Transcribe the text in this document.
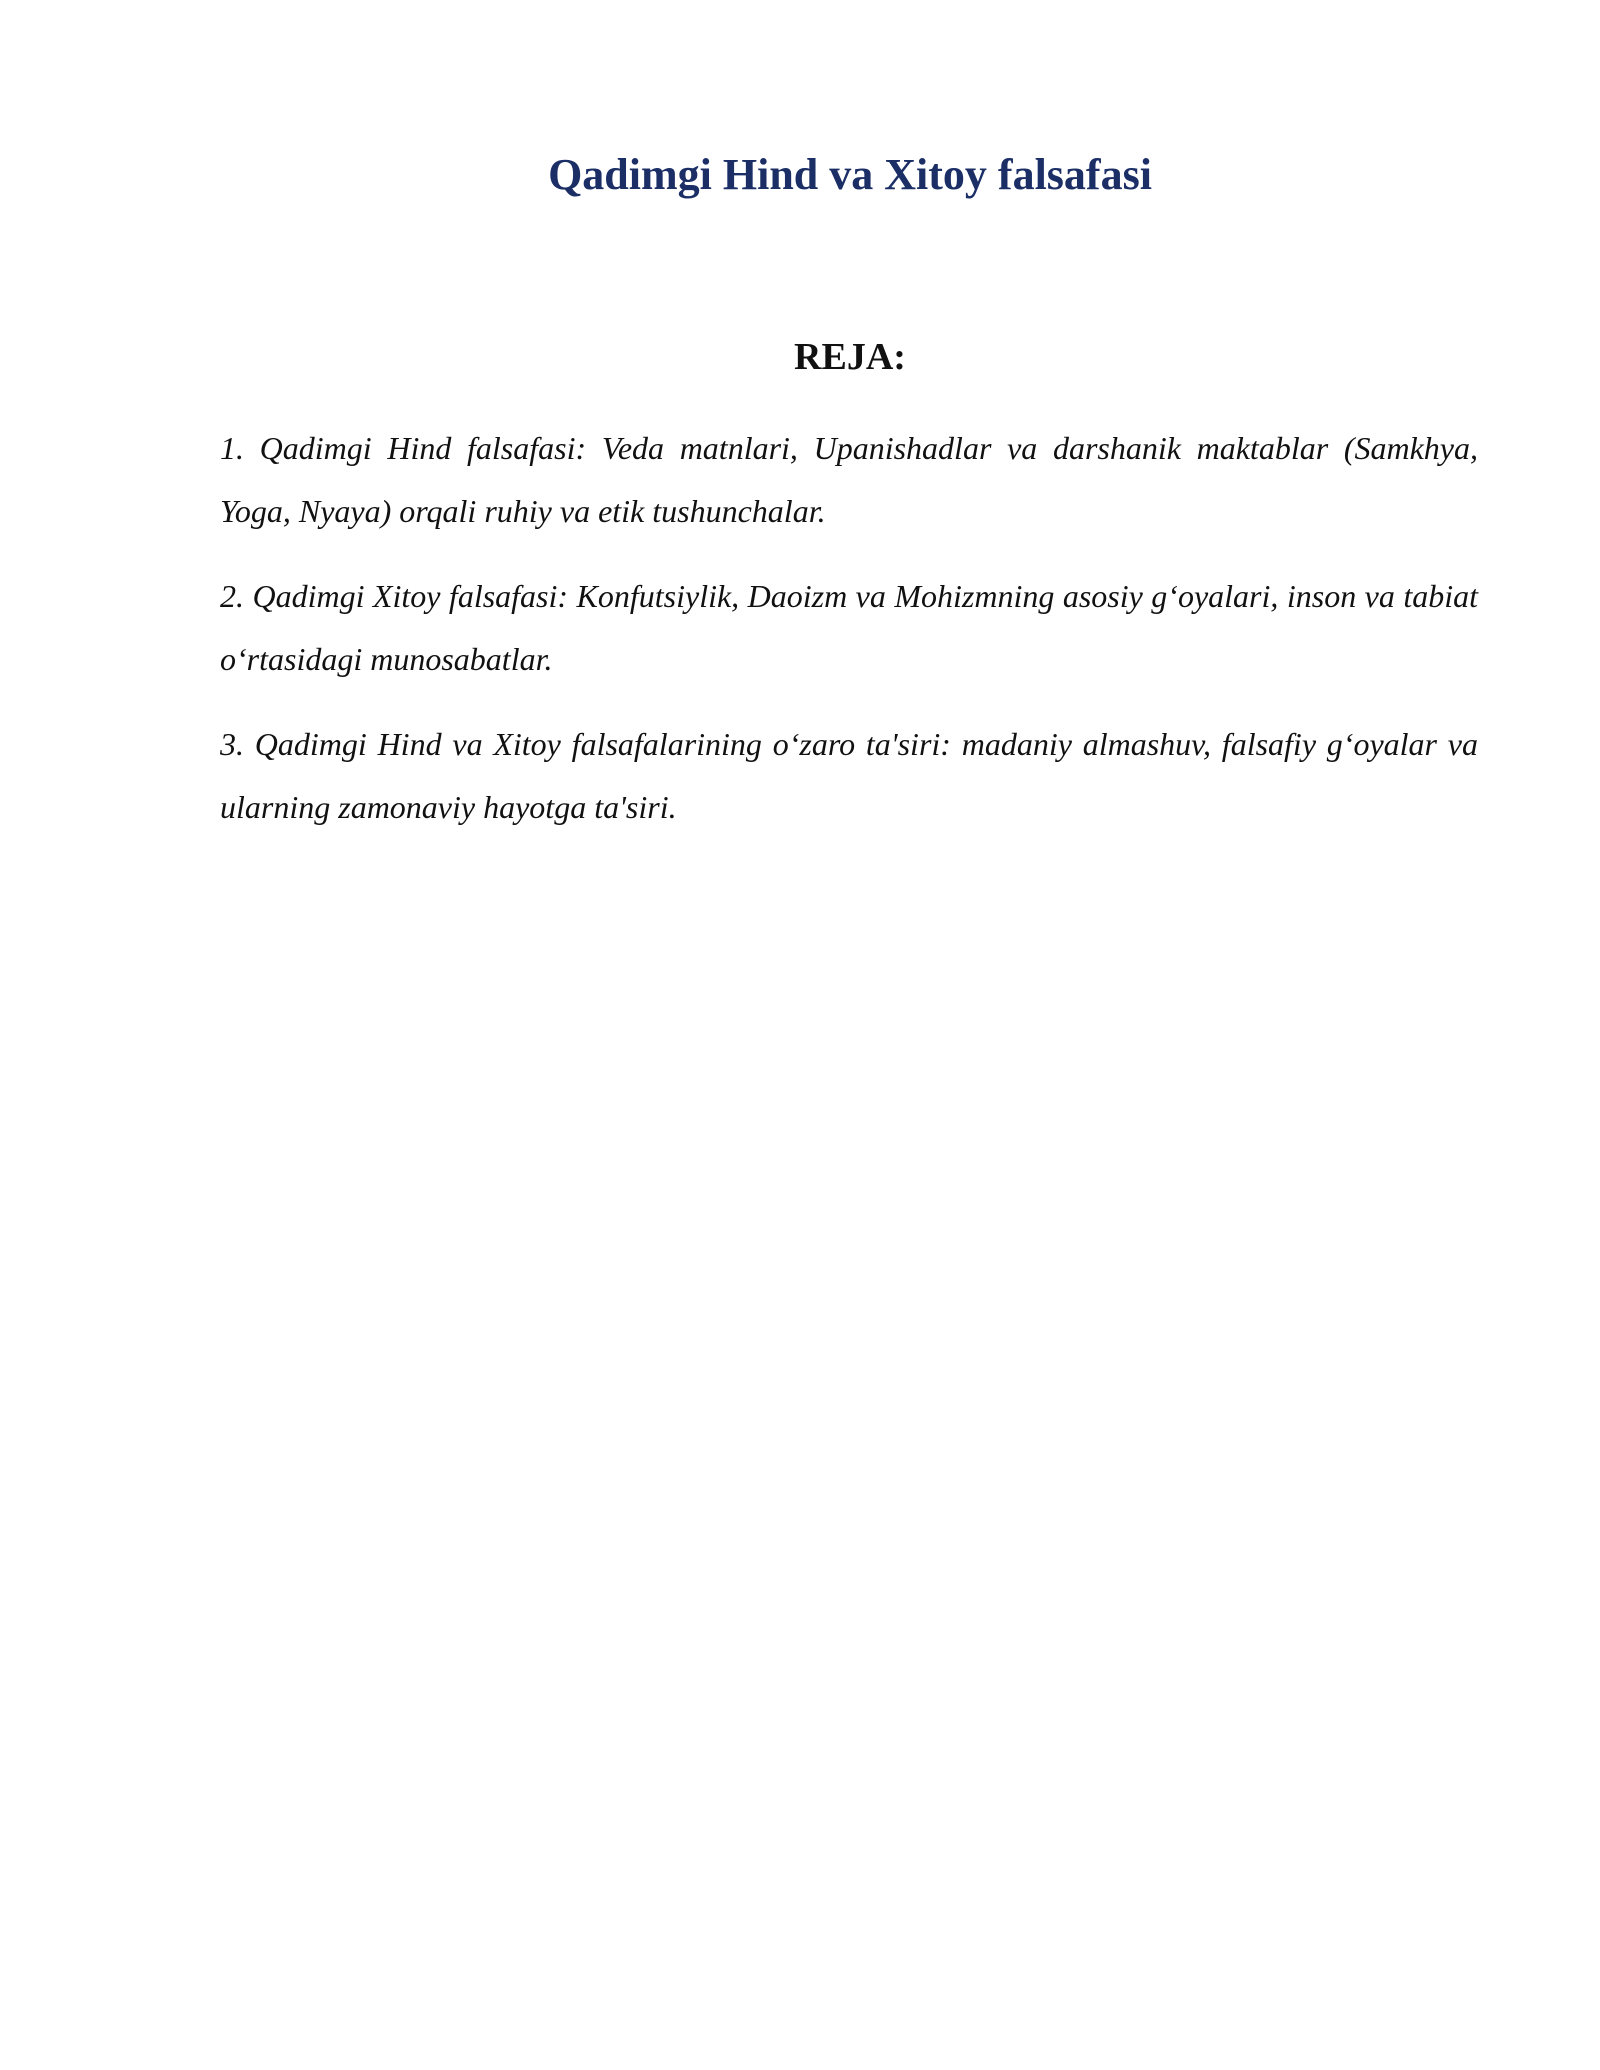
Qadimgi Hind va Xitoy falsafasi
REJA:
1. Qadimgi Hind falsafasi: Veda matnlari, Upanishadlar va darshanik maktablar (Samkhya, Yoga, Nyaya) orqali ruhiy va etik tushunchalar.
2. Qadimgi Xitoy falsafasi: Konfutsiylik, Daoizm va Mohizmning asosiy g‘oyalari, inson va tabiat o‘rtasidagi munosabatlar.
3. Qadimgi Hind va Xitoy falsafalarining o‘zaro ta'siri: madaniy almashuv, falsafiy g‘oyalar va ularning zamonaviy hayotga ta'siri.
